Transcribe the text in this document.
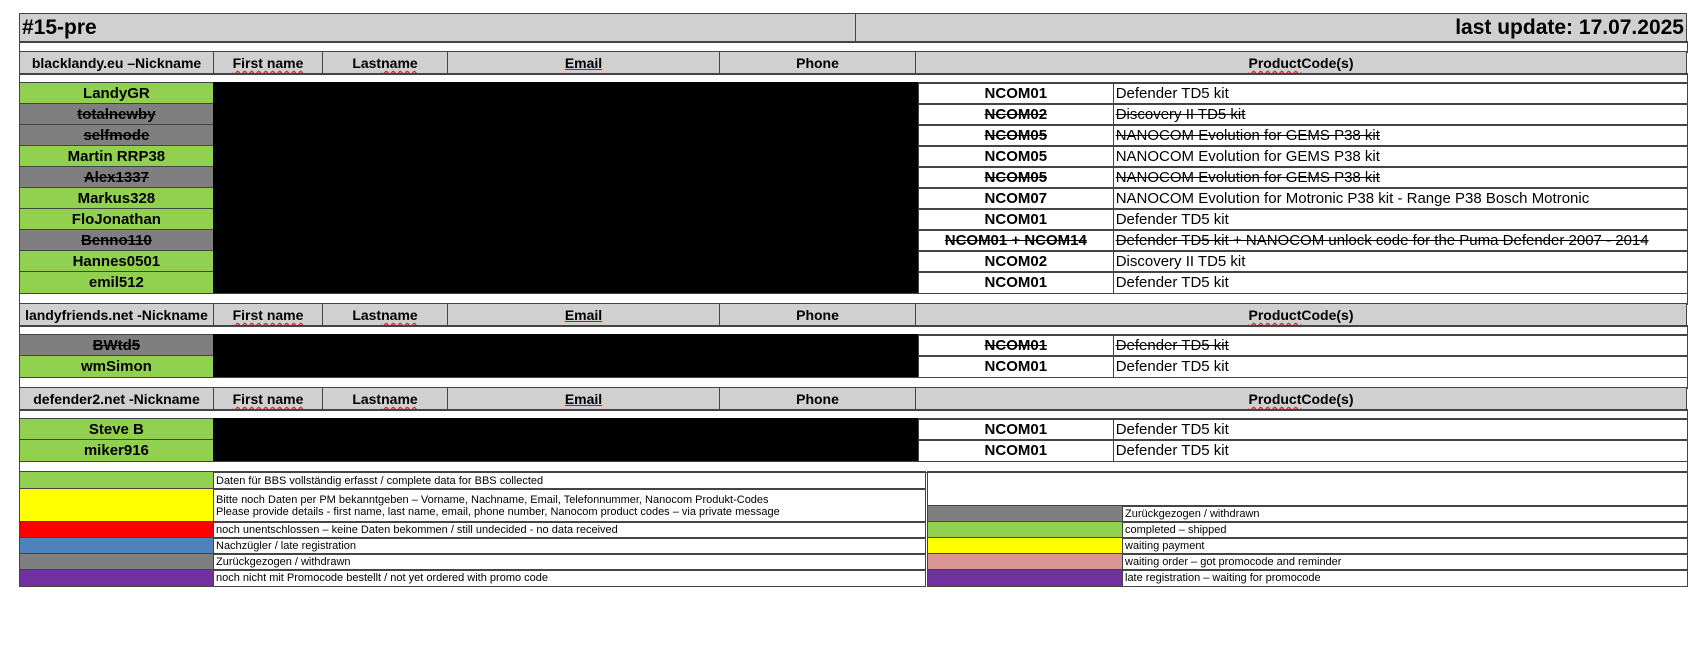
#15-pre	last update: 17.07.2025
blacklandy.eu –Nickname	First name	Last name	Email	Phone	Product Code(s)
LandyGR	NCOM01	Defender TD5 kit
totalnewby	NCOM02	Discovery II TD5 kit
selfmode	NCOM05	NANOCOM Evolution for GEMS P38 kit
Martin RRP38	NCOM05	NANOCOM Evolution for GEMS P38 kit
Alex1337	NCOM05	NANOCOM Evolution for GEMS P38 kit
Markus328	NCOM07	NANOCOM Evolution for Motronic P38 kit - Range P38 Bosch Motronic
FloJonathan	NCOM01	Defender TD5 kit
Benno110	NCOM01 + NCOM14	Defender TD5 kit + NANOCOM unlock code for the Puma Defender 2007 - 2014
Hannes0501	NCOM02	Discovery II TD5 kit
emil512	NCOM01	Defender TD5 kit
landyfriends.net -Nickname	First name	Last name	Email	Phone	Product Code(s)
BWtd5	NCOM01	Defender TD5 kit
wmSimon	NCOM01	Defender TD5 kit
defender2.net -Nickname	First name	Last name	Email	Phone	Product Code(s)
Steve B	NCOM01	Defender TD5 kit
miker916	NCOM01	Defender TD5 kit
Daten für BBS vollständig erfasst / complete data for BBS collected
Bitte noch Daten per PM bekanntgeben – Vorname, Nachname, Email, Telefonnummer, Nanocom Produkt-Codes
Please provide details - first name, last name, email, phone number, Nanocom product codes – via private message
noch unentschlossen – keine Daten bekommen / still undecided - no data received
Nachzügler / late registration
Zurückgezogen / withdrawn
noch nicht mit Promocode bestellt / not yet ordered with promo code
Zurückgezogen / withdrawn
completed – shipped
waiting payment
waiting order – got promocode and reminder
late registration – waiting for promocode
